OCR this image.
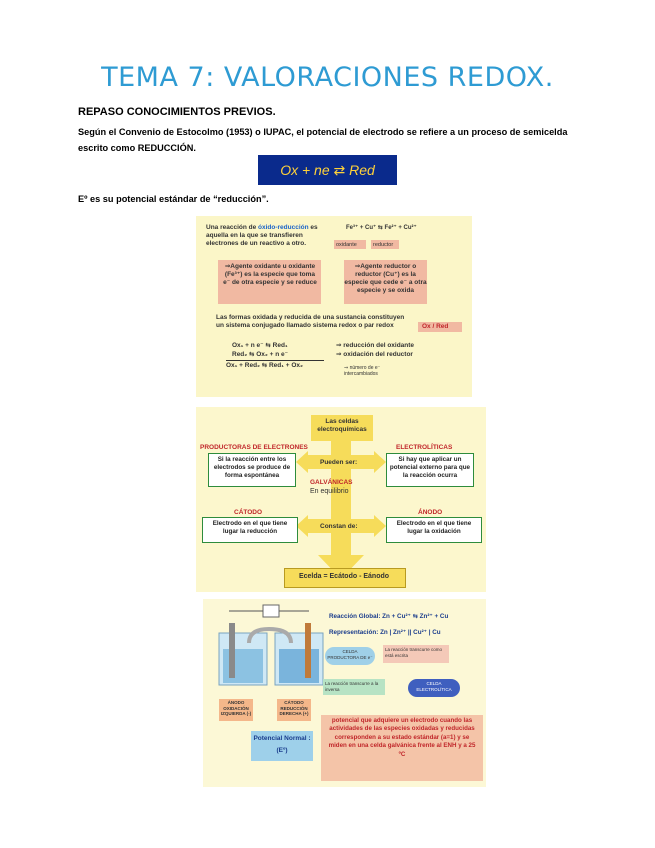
TEMA 7: VALORACIONES REDOX.
REPASO CONOCIMIENTOS PREVIOS.
Según el Convenio de Estocolmo (1953) o IUPAC, el potencial de electrodo se refiere a un proceso de semicelda escrito como REDUCCIÓN.
Ox + ne ⇄ Red
Eº es su potencial estándar de “reducción”.
Una reacción de óxido-reducción es aquella en la que se transfieren electrones de un reactivo a otro.
Fe³⁺ + Cu⁺ ⇆ Fe²⁺ + Cu²⁺
oxidante	reductor
⇒Agente oxidante u oxidante (Fe³⁺) es la especie que toma e⁻ de otra especie y se reduce
⇒Agente reductor o reductor (Cu⁺) es la especie que cede e⁻ a otra especie y se oxida
Las formas oxidada y reducida de una sustancia constituyen un sistema conjugado llamado sistema redox o par redox	Ox / Red
Ox₁ + n e⁻ ⇆ Red₁
Red₂ ⇆ Ox₂ + n e⁻
Ox₁ + Red₂ ⇆ Red₁ + Ox₂
⇒ reducción del oxidante
⇒ oxidación del reductor
⇒ número de e⁻ intercambiados
Las celdas electroquímicas
Pueden ser:
Constan de:
PRODUCTORAS DE ELECTRONES
Si la reacción entre los electrodos se produce de forma espontánea
GALVÁNICAS
En equilibrio
ELECTROLÍTICAS
Si hay que aplicar un potencial externo para que la reacción ocurra
CÁTODO
Electrodo en el que tiene lugar la reducción
ÁNODO
Electrodo en el que tiene lugar la oxidación
Ecelda = Ecátodo - Eánodo
ÁNODO OXIDACIÓN IZQUIERDA (-)
CÁTODO REDUCCIÓN DERECHA (+)
Reacción Global: Zn + Cu²⁺ ⇆ Zn²⁺ + Cu
Representación: Zn | Zn²⁺ || Cu²⁺ | Cu
CELDA PRODUCTORA DE e⁻
La reacción transcurre como está escrita
La reacción transcurre a la inversa
CELDA ELECTROLÍTICA
Potencial Normal :
(Eº)
potencial que adquiere un electrodo cuando las actividades de las especies oxidadas y reducidas corresponden a su estado estándar (a=1) y se miden en una celda galvánica frente al ENH y a 25 ºC
